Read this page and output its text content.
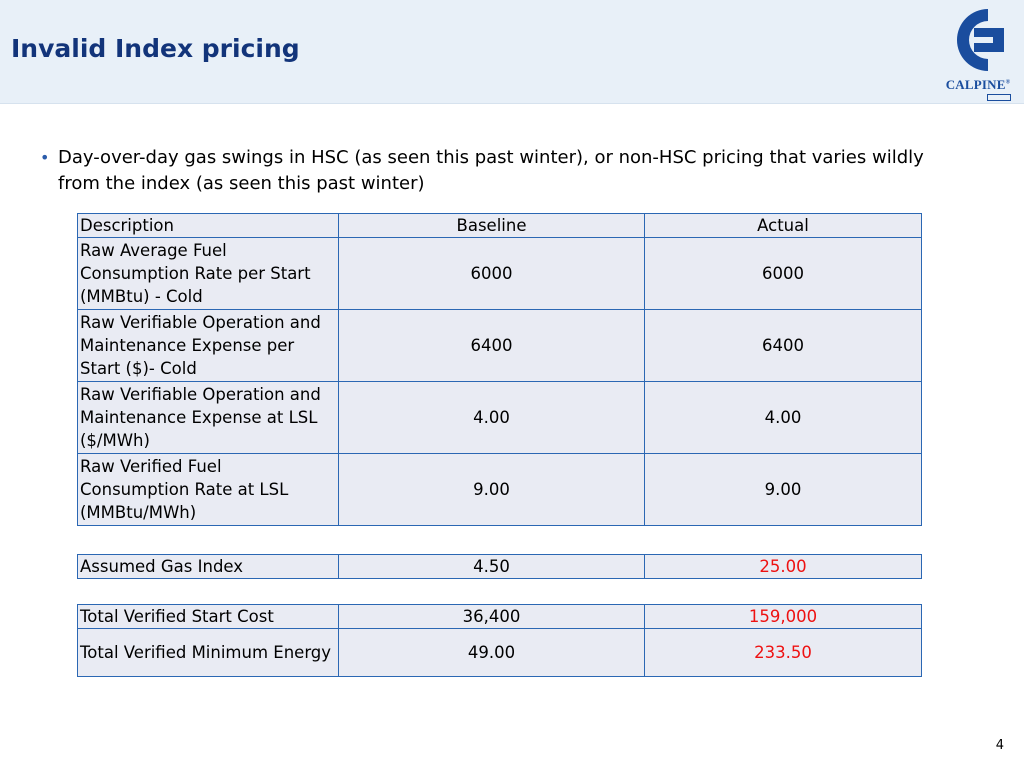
Invalid Index pricing
CALPINE®
• Day-over-day gas swings in HSC (as seen this past winter), or non-HSC pricing that varies wildly from the index (as seen this past winter)
Description	Baseline	Actual
Raw Average Fuel Consumption Rate per Start (MMBtu) - Cold	6000	6000
Raw Verifiable Operation and Maintenance Expense per Start ($)- Cold	6400	6400
Raw Verifiable Operation and Maintenance Expense at LSL ($/MWh)	4.00	4.00
Raw Verified Fuel Consumption Rate at LSL (MMBtu/MWh)	9.00	9.00
Assumed Gas Index	4.50	25.00
Total Verified Start Cost	36,400	159,000
Total Verified Minimum Energy	49.00	233.50
4
